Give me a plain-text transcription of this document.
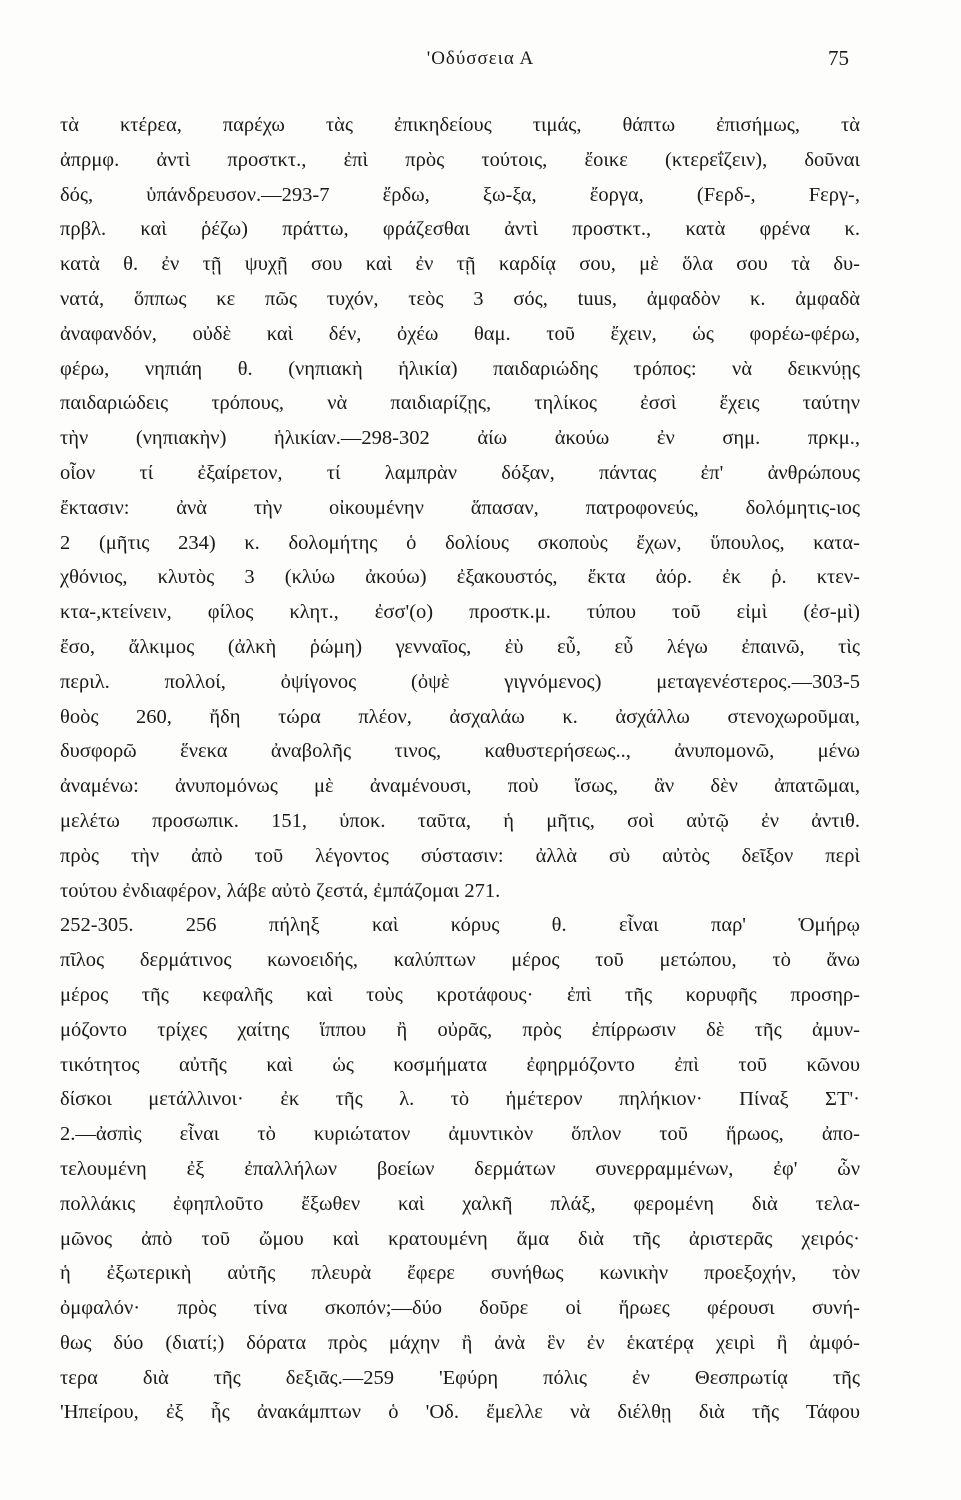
'Οδύσσεια Α	75
τὰ κτέρεα, παρέχω τὰς ἐπικηδείους τιμάς, θάπτω ἐπισήμως, τὰ
ἀπρμφ. ἀντὶ προστκτ., ἐπὶ πρὸς τούτοις, ἔοικε (κτερεΐζειν), δοῦναι
δός, ὑπάνδρευσον.—293-7 ἔρδω, ξω-ξα, ἔοργα, (Fερδ-, Fεργ-,
πρβλ. καὶ ῥέζω) πράττω, φράζεσθαι ἀντὶ προστκτ., κατὰ φρένα κ.
κατὰ θ. ἐν τῇ ψυχῇ σου καὶ ἐν τῇ καρδίᾳ σου, μὲ ὅλα σου τὰ δυ-
νατά, ὅππως κε πῶς τυχόν, τεὸς 3 σός, tuus, ἀμφαδὸν κ. ἀμφαδὰ
ἀναφανδόν, οὐδὲ καὶ δέν, ὀχέω θαμ. τοῦ ἔχειν, ὡς φορέω-φέρω,
φέρω, νηπιάη θ. (νηπιακὴ ἡλικία) παιδαριώδης τρόπος: νὰ δεικνύῃς
παιδαριώδεις τρόπους, νὰ παιδιαρίζῃς, τηλίκος ἐσσὶ ἔχεις ταύτην
τὴν (νηπιακὴν) ἡλικίαν.—298-302 ἀίω ἀκούω ἐν σημ. πρκμ.,
οἷον τί ἐξαίρετον, τί λαμπρὰν δόξαν, πάντας ἐπ' ἀνθρώπους
ἔκτασιν: ἀνὰ τὴν οἰκουμένην ἅπασαν, πατροφονεύς, δολόμητις-ιος
2 (μῆτις 234) κ. δολομήτης ὁ δολίους σκοποὺς ἔχων, ὕπουλος, κατα-
χθόνιος, κλυτὸς 3 (κλύω ἀκούω) ἐξακουστός, ἔκτα ἀόρ. ἐκ ῥ. κτεν-
κτα-,κτείνειν, φίλος κλητ., ἐσσ'(ο) προστκ.μ. τύπου τοῦ εἰμὶ (ἐσ-μὶ)
ἔσο, ἄλκιμος (ἀλκὴ ῥώμη) γενναῖος, ἐὺ εὖ, εὖ λέγω ἐπαινῶ, τὶς
περιλ. πολλοί, ὀψίγονος (ὀψὲ γιγνόμενος) μεταγενέστερος.—303-5
θοὸς 260, ἤδη τώρα πλέον, ἀσχαλάω κ. ἀσχάλλω στενοχωροῦμαι,
δυσφορῶ ἕνεκα ἀναβολῆς τινος, καθυστερήσεως.., ἀνυπομονῶ, μένω
ἀναμένω: ἀνυπομόνως μὲ ἀναμένουσι, ποὺ ἴσως, ἂν δὲν ἀπατῶμαι,
μελέτω προσωπικ. 151, ὑποκ. ταῦτα, ἡ μῆτις, σοὶ αὐτῷ ἐν ἀντιθ.
πρὸς τὴν ἀπὸ τοῦ λέγοντος σύστασιν: ἀλλὰ σὺ αὐτὸς δεῖξον περὶ
τούτου ἐνδιαφέρον, λάβε αὐτὸ ζεστά, ἐμπάζομαι 271.
252-305. 256 πήληξ καὶ κόρυς θ. εἶναι παρ' Ὁμήρῳ
πῖλος δερμάτινος κωνοειδής, καλύπτων μέρος τοῦ μετώπου, τὸ ἄνω
μέρος τῆς κεφαλῆς καὶ τοὺς κροτάφους· ἐπὶ τῆς κορυφῆς προσηρ-
μόζοντο τρίχες χαίτης ἵππου ἢ οὐρᾶς, πρὸς ἐπίρρωσιν δὲ τῆς ἀμυν-
τικότητος αὐτῆς καὶ ὡς κοσμήματα ἐφηρμόζοντο ἐπὶ τοῦ κῶνου
δίσκοι μετάλλινοι· ἐκ τῆς λ. τὸ ἡμέτερον πηλήκιον· Πίναξ ΣΤ'·
2.—ἀσπὶς εἶναι τὸ κυριώτατον ἀμυντικὸν ὅπλον τοῦ ἥρωος, ἀπο-
τελουμένη ἐξ ἐπαλλήλων βοείων δερμάτων συνερραμμένων, ἐφ' ὧν
πολλάκις ἐφηπλοῦτο ἔξωθεν καὶ χαλκῆ πλάξ, φερομένη διὰ τελα-
μῶνος ἀπὸ τοῦ ὤμου καὶ κρατουμένη ἅμα διὰ τῆς ἀριστερᾶς χειρός·
ἡ ἐξωτερικὴ αὐτῆς πλευρὰ ἔφερε συνήθως κωνικὴν προεξοχήν, τὸν
ὀμφαλόν· πρὸς τίνα σκοπόν;—δύο δοῦρε οἱ ἥρωες φέρουσι συνή-
θως δύο (διατί;) δόρατα πρὸς μάχην ἢ ἀνὰ ἓν ἐν ἑκατέρᾳ χειρὶ ἢ ἀμφό-
τερα διὰ τῆς δεξιᾶς.—259 'Εφύρη πόλις ἐν Θεσπρωτίᾳ τῆς
'Ηπείρου, ἐξ ἧς ἀνακάμπτων ὁ 'Οδ. ἔμελλε νὰ διέλθῃ διὰ τῆς Τάφου
